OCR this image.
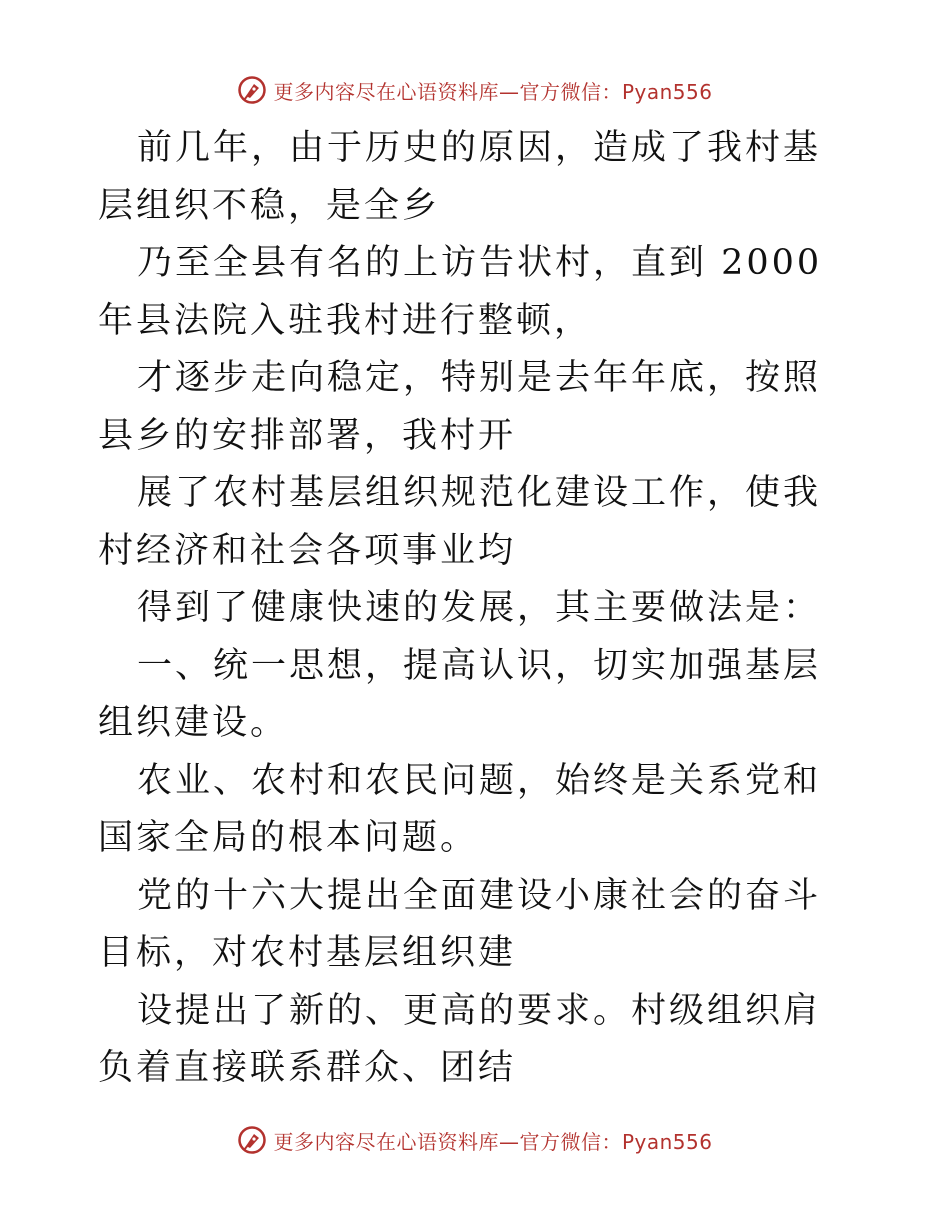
更多内容尽在心语资料库—官方微信：Pyan556

前几年，由于历史的原因，造成了我村基层组织不稳，是全乡

乃至全县有名的上访告状村，直到 2000 年县法院入驻我村进行整顿，

才逐步走向稳定，特别是去年年底，按照县乡的安排部署，我村开

展了农村基层组织规范化建设工作，使我村经济和社会各项事业均

得到了健康快速的发展，其主要做法是：

一、统一思想，提高认识，切实加强基层组织建设。

农业、农村和农民问题，始终是关系党和国家全局的根本问题。

党的十六大提出全面建设小康社会的奋斗目标，对农村基层组织建

设提出了新的、更高的要求。村级组织肩负着直接联系群众、团结

更多内容尽在心语资料库—官方微信：Pyan556
